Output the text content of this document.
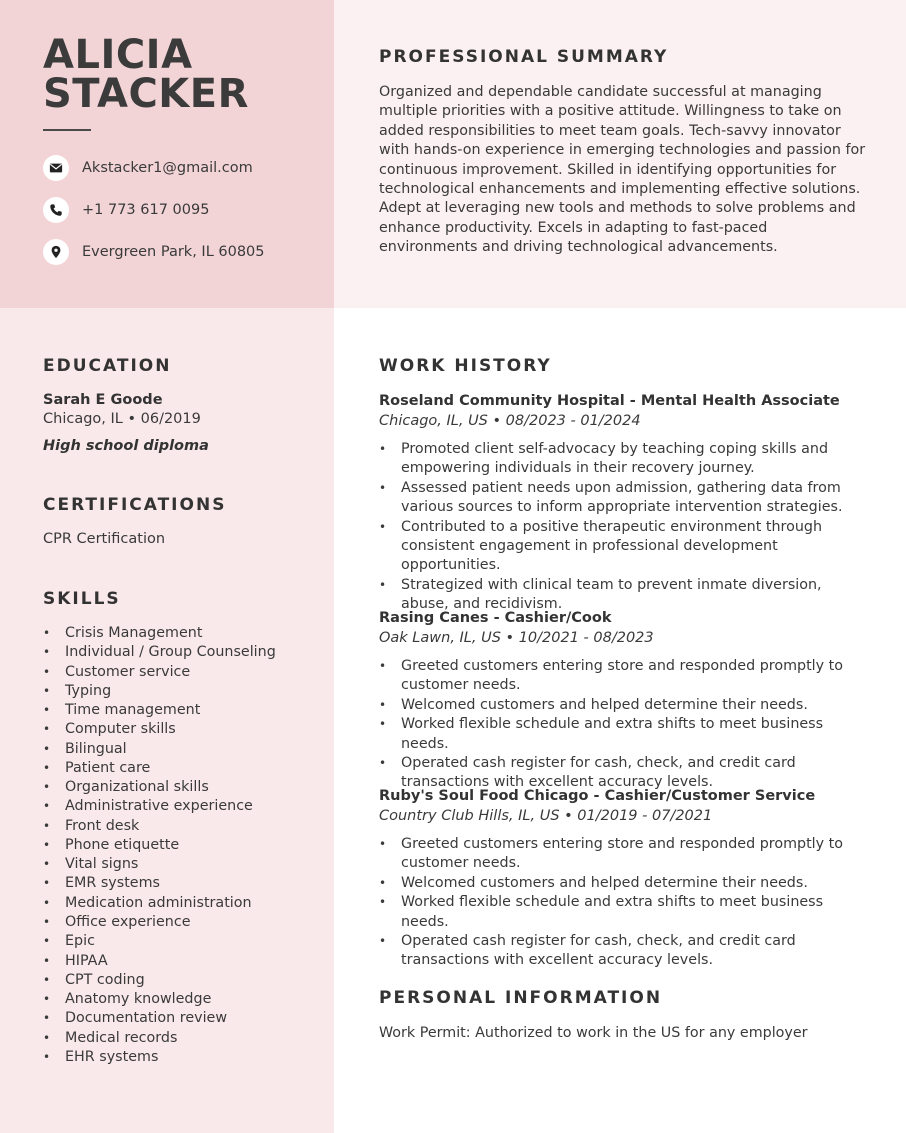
ALICIA
STACKER
Akstacker1@gmail.com
+1 773 617 0095
Evergreen Park, IL 60805
PROFESSIONAL SUMMARY
Organized and dependable candidate successful at managing multiple priorities with a positive attitude. Willingness to take on added responsibilities to meet team goals. Tech-savvy innovator with hands-on experience in emerging technologies and passion for continuous improvement. Skilled in identifying opportunities for technological enhancements and implementing effective solutions. Adept at leveraging new tools and methods to solve problems and enhance productivity. Excels in adapting to fast-paced environments and driving technological advancements.
EDUCATION
Sarah E Goode
Chicago, IL • 06/2019
High school diploma
CERTIFICATIONS
CPR Certification
SKILLS
• Crisis Management
• Individual / Group Counseling
• Customer service
• Typing
• Time management
• Computer skills
• Bilingual
• Patient care
• Organizational skills
• Administrative experience
• Front desk
• Phone etiquette
• Vital signs
• EMR systems
• Medication administration
• Office experience
• Epic
• HIPAA
• CPT coding
• Anatomy knowledge
• Documentation review
• Medical records
• EHR systems
WORK HISTORY
Roseland Community Hospital - Mental Health Associate
Chicago, IL, US • 08/2023 - 01/2024
• Promoted client self-advocacy by teaching coping skills and empowering individuals in their recovery journey.
• Assessed patient needs upon admission, gathering data from various sources to inform appropriate intervention strategies.
• Contributed to a positive therapeutic environment through consistent engagement in professional development opportunities.
• Strategized with clinical team to prevent inmate diversion, abuse, and recidivism.
Rasing Canes - Cashier/Cook
Oak Lawn, IL, US • 10/2021 - 08/2023
• Greeted customers entering store and responded promptly to customer needs.
• Welcomed customers and helped determine their needs.
• Worked flexible schedule and extra shifts to meet business needs.
• Operated cash register for cash, check, and credit card transactions with excellent accuracy levels.
Ruby's Soul Food Chicago - Cashier/Customer Service
Country Club Hills, IL, US • 01/2019 - 07/2021
• Greeted customers entering store and responded promptly to customer needs.
• Welcomed customers and helped determine their needs.
• Worked flexible schedule and extra shifts to meet business needs.
• Operated cash register for cash, check, and credit card transactions with excellent accuracy levels.
PERSONAL INFORMATION
Work Permit: Authorized to work in the US for any employer
